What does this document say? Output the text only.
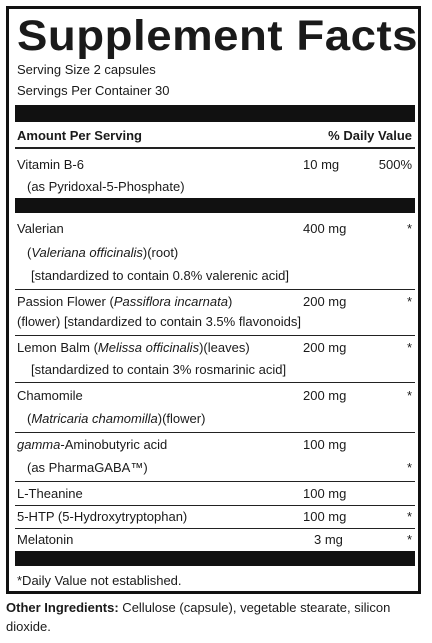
Supplement Facts
Serving Size 2 capsules
Servings Per Container 30
Amount Per Serving	% Daily Value
Vitamin B-6	10 mg	500%
(as Pyridoxal-5-Phosphate)
Valerian	400 mg	*
(Valeriana officinalis)(root)
[standardized to contain 0.8% valerenic acid]
Passion Flower (Passiflora incarnata)	200 mg	*
(flower) [standardized to contain 3.5% flavonoids]
Lemon Balm (Melissa officinalis)(leaves)	200 mg	*
[standardized to contain 3% rosmarinic acid]
Chamomile	200 mg	*
(Matricaria chamomilla)(flower)
gamma-Aminobutyric acid	100 mg
(as PharmaGABA™)	*
L-Theanine	100 mg
5-HTP (5-Hydroxytryptophan)	100 mg	*
Melatonin	3 mg	*
*Daily Value not established.
Other Ingredients: Cellulose (capsule), vegetable stearate, silicon dioxide.
